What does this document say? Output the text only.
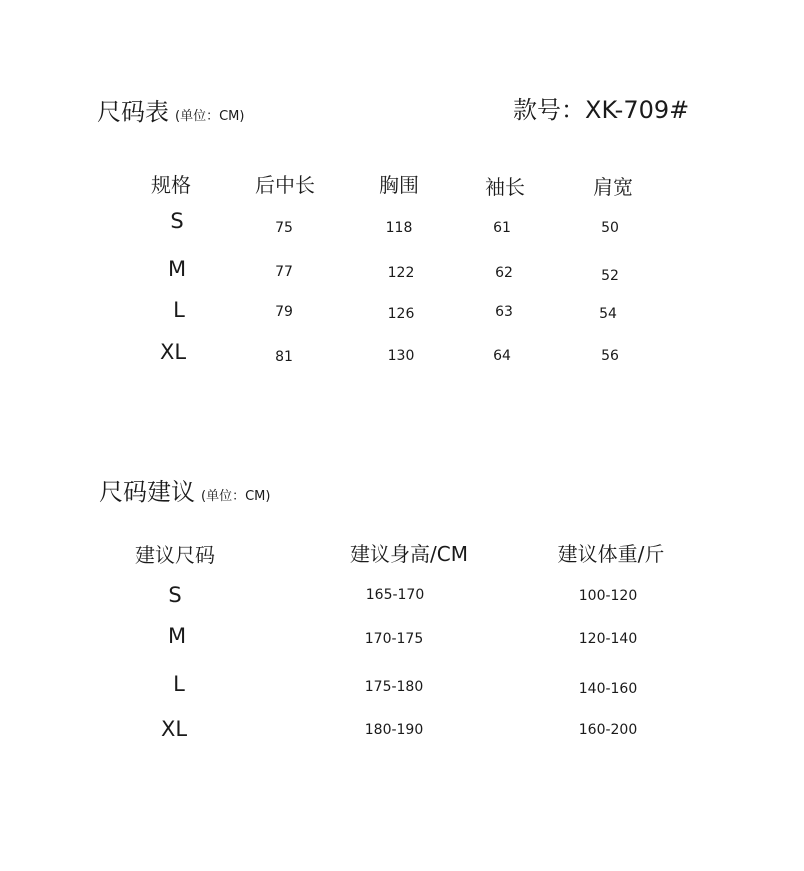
尺码表 (单位：CM)	款号：XK-709#
规格	后中长	胸围	袖长	肩宽
S	75	118	61	50
M	77	122	62	52
L	79	126	63	54
XL	81	130	64	56
尺码建议 (单位：CM)
建议尺码	建议身高/CM	建议体重/斤
S	165-170	100-120
M	170-175	120-140
L	175-180	140-160
XL	180-190	160-200
